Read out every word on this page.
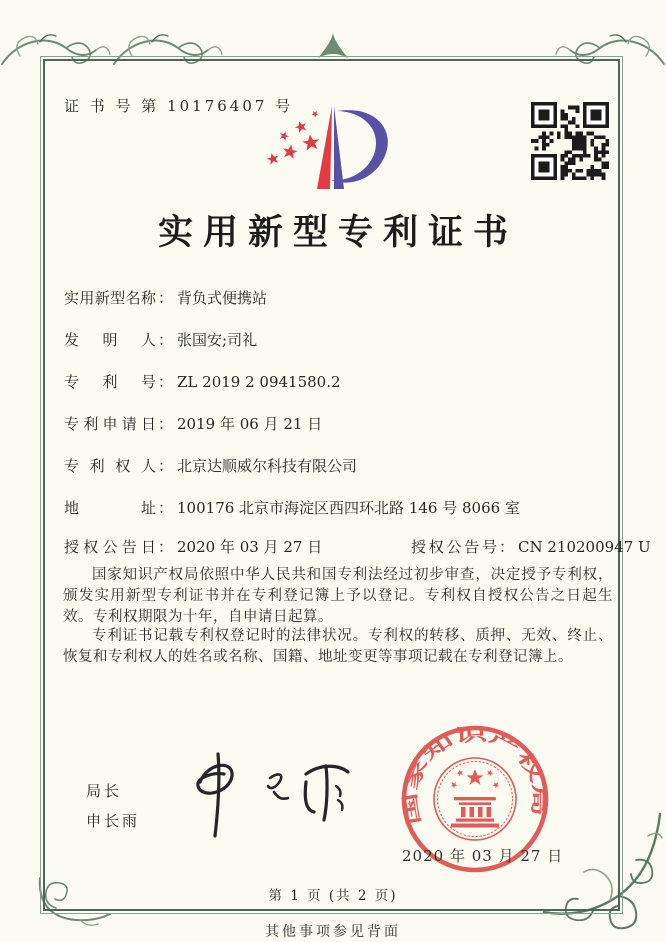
证 书 号 第 10176407 号
实用新型专利证书
实用新型名称 ： 背负式便携站
发明人 ： 张国安;司礼
专利号 ： ZL 2019 2 0941580.2
专利申请日 ： 2019 年 06 月 21 日
专利权人 ： 北京达顺威尔科技有限公司
地址 ： 100176 北京市海淀区西四环北路 146 号 8066 室
授权公告日 ： 2020 年 03 月 27 日	授权公告号 ： CN 210200947 U
国家知识产权局依照中华人民共和国专利法经过初步审查，决定授予专利权，颁发实用新型专利证书并在专利登记簿上予以登记。专利权自授权公告之日起生效。专利权期限为十年，自申请日起算。
专利证书记载专利权登记时的法律状况。专利权的转移、质押、无效、终止、恢复和专利权人的姓名或名称、国籍、地址变更等事项记载在专利登记簿上。
局长
申长雨	国家知识产权局
2020 年 03 月 27 日
第 1 页 (共 2 页)
其他事项参见背面
